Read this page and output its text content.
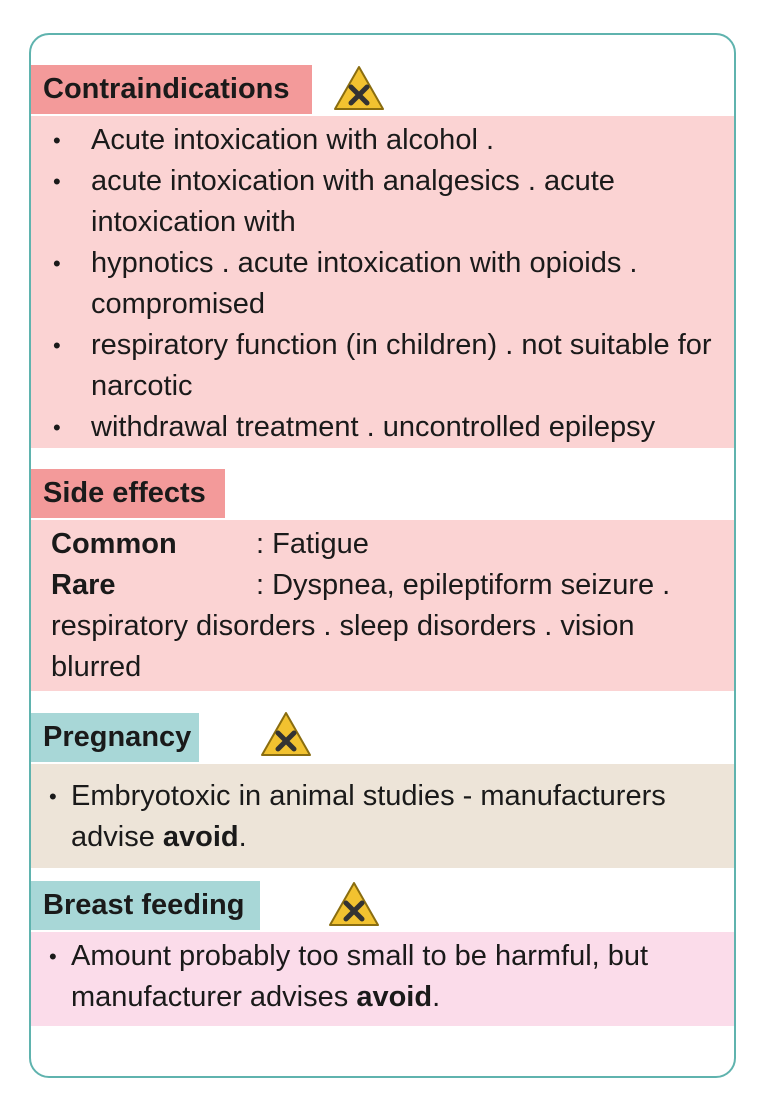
Contraindications
• Acute intoxication with alcohol .
• acute intoxication with analgesics . acute intoxication with
• hypnotics . acute intoxication with opioids . compromised
• respiratory function (in children) . not suitable for narcotic
• withdrawal treatment . uncontrolled epilepsy
Side effects
Common	: Fatigue
Rare	: Dyspnea, epileptiform seizure .
respiratory disorders . sleep disorders . vision blurred
Pregnancy
• Embryotoxic in animal studies - manufacturers advise avoid.
Breast feeding
• Amount probably too small to be harmful, but manufacturer advises avoid.
